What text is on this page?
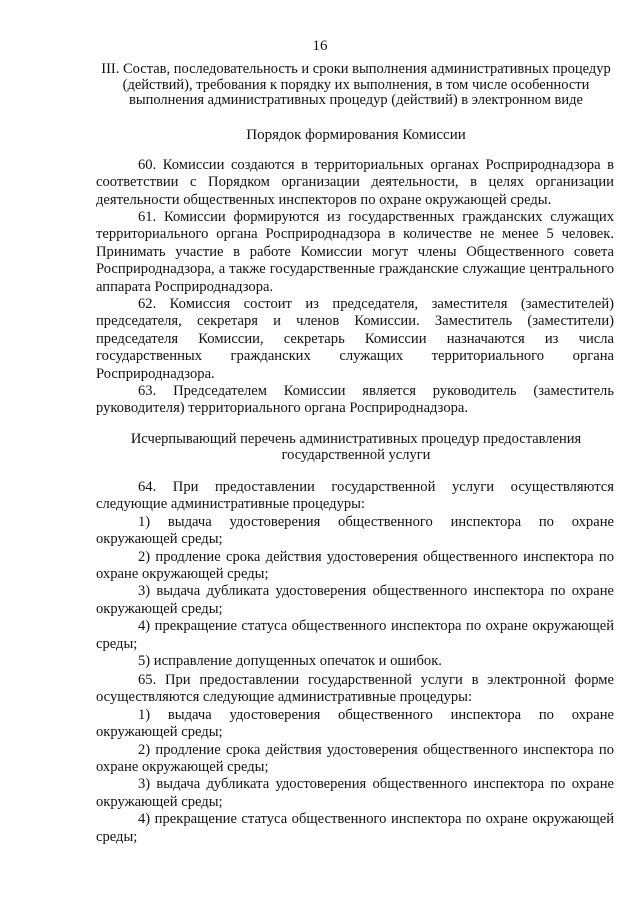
16
III. Состав, последовательность и сроки выполнения административных процедур (действий), требования к порядку их выполнения, в том числе особенности выполнения административных процедур (действий) в электронном виде
Порядок формирования Комиссии
60. Комиссии создаются в территориальных органах Росприроднадзора в соответствии с Порядком организации деятельности, в целях организации деятельности общественных инспекторов по охране окружающей среды.
61. Комиссии формируются из государственных гражданских служащих территориального органа Росприроднадзора в количестве не менее 5 человек. Принимать участие в работе Комиссии могут члены Общественного совета Росприроднадзора, а также государственные гражданские служащие центрального аппарата Росприроднадзора.
62. Комиссия состоит из председателя, заместителя (заместителей) председателя, секретаря и членов Комиссии. Заместитель (заместители) председателя Комиссии, секретарь Комиссии назначаются из числа государственных гражданских служащих территориального органа Росприроднадзора.
63. Председателем Комиссии является руководитель (заместитель руководителя) территориального органа Росприроднадзора.
Исчерпывающий перечень административных процедур предоставления государственной услуги
64. При предоставлении государственной услуги осуществляются следующие административные процедуры:
1) выдача удостоверения общественного инспектора по охране окружающей среды;
2) продление срока действия удостоверения общественного инспектора по охране окружающей среды;
3) выдача дубликата удостоверения общественного инспектора по охране окружающей среды;
4) прекращение статуса общественного инспектора по охране окружающей среды;
5) исправление допущенных опечаток и ошибок.
65. При предоставлении государственной услуги в электронной форме осуществляются следующие административные процедуры:
1) выдача удостоверения общественного инспектора по охране окружающей среды;
2) продление срока действия удостоверения общественного инспектора по охране окружающей среды;
3) выдача дубликата удостоверения общественного инспектора по охране окружающей среды;
4) прекращение статуса общественного инспектора по охране окружающей среды;
